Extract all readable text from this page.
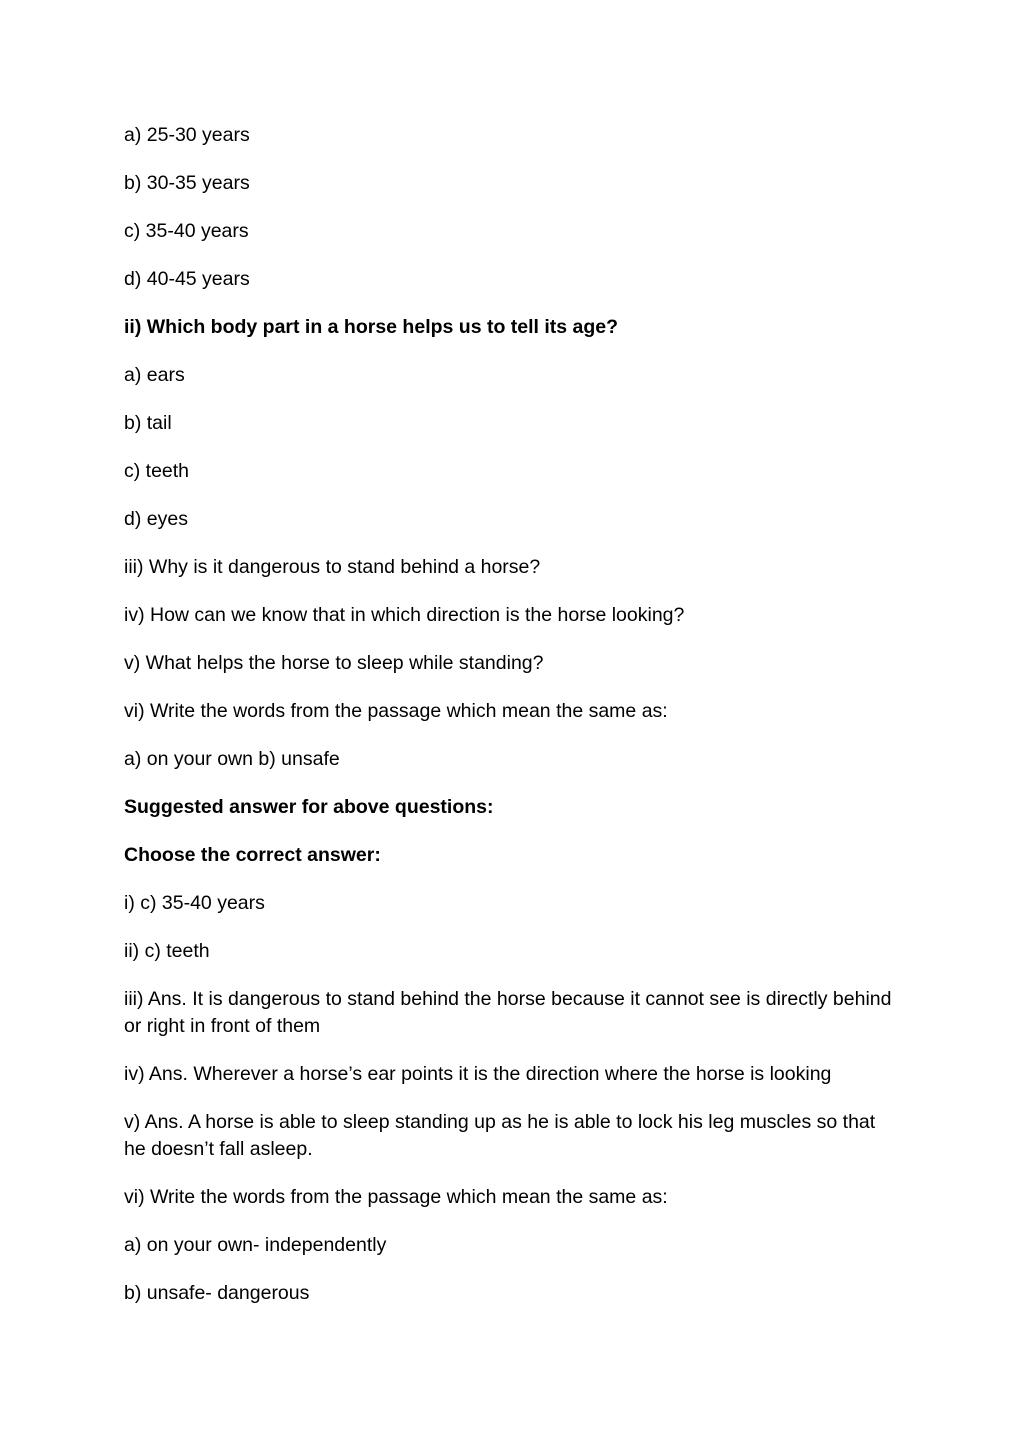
a) 25-30 years

b) 30-35 years

c) 35-40 years

d) 40-45 years

ii) Which body part in a horse helps us to tell its age?

a) ears

b) tail

c) teeth

d) eyes

iii) Why is it dangerous to stand behind a horse?

iv) How can we know that in which direction is the horse looking?

v) What helps the horse to sleep while standing?

vi) Write the words from the passage which mean the same as:

a) on your own b) unsafe

Suggested answer for above questions:

Choose the correct answer:

i) c) 35-40 years

ii) c) teeth

iii) Ans. It is dangerous to stand behind the horse because it cannot see is directly behind or right in front of them

iv) Ans. Wherever a horse’s ear points it is the direction where the horse is looking

v) Ans. A horse is able to sleep standing up as he is able to lock his leg muscles so that he doesn’t fall asleep.

vi) Write the words from the passage which mean the same as:

a) on your own- independently

b) unsafe- dangerous
